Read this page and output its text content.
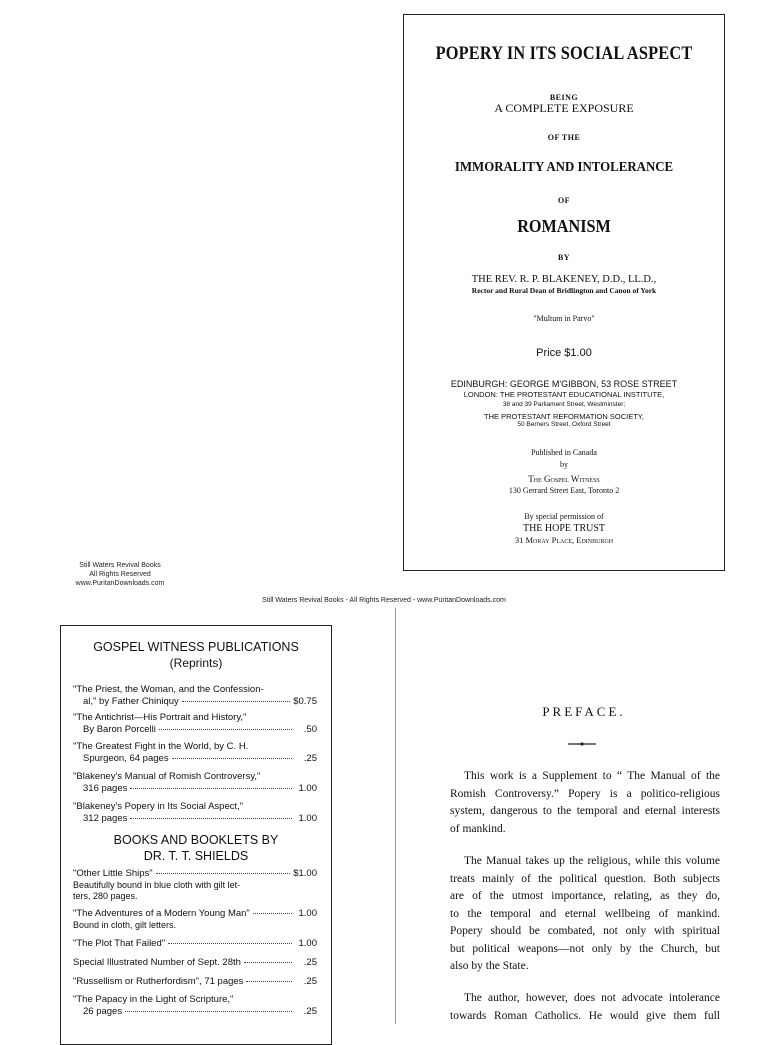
POPERY IN ITS SOCIAL ASPECT
BEING
A COMPLETE EXPOSURE
OF THE
IMMORALITY AND INTOLERANCE
OF
ROMANISM
BY
THE REV. R. P. BLAKENEY, D.D., LL.D.,
Rector and Rural Dean of Bridlington and Canon of York
"Multum in Parvo"
Price $1.00
EDINBURGH: GEORGE M'GIBBON, 53 ROSE STREET
LONDON: THE PROTESTANT EDUCATIONAL INSTITUTE,
38 and 39 Parliament Street, Westminster;
THE PROTESTANT REFORMATION SOCIETY,
50 Berners Street, Oxford Street
Published in Canada
by
The Gospel Witness
130 Gerrard Street East, Toronto 2
By special permission of
THE HOPE TRUST
31 Moray Place, Edinburgh
Still Waters Revival Books
All Rights Reserved
www.PuritanDownloads.com
Still Waters Revival Books - All Rights Reserved - www.PuritanDownloads.com
GOSPEL WITNESS PUBLICATIONS
(Reprints)
"The Priest, the Woman, and the Confession-
al," by Father Chiniquy	$0.75
"The Antichrist—His Portrait and History,"
By Baron Porcelli	.50
"The Greatest Fight in the World, by C. H.
Spurgeon, 64 pages	.25
"Blakeney's Manual of Romish Controversy,"
316 pages	1.00
"Blakeney's Popery in Its Social Aspect,"
312 pages	1.00
BOOKS AND BOOKLETS BY
DR. T. T. SHIELDS
"Other Little Ships"	$1.00
Beautifully bound in blue cloth with gilt let-
ters, 280 pages.
"The Adventures of a Modern Young Man"	1.00
Bound in cloth, gilt letters.
"The Plot That Failed"	1.00
Special Illustrated Number of Sept. 28th	.25
"Russellism or Rutherfordism", 71 pages	.25
"The Papacy in the Light of Scripture,"
26 pages	.25
PREFACE.
This work is a Supplement to “ The Manual of the
Romish Controversy.” Popery is a politico-religious
system, dangerous to the temporal and eternal interests
of mankind.
The Manual takes up the religious, while this volume
treats mainly of the political question. Both subjects
are of the utmost importance, relating, as they do,
to the temporal and eternal wellbeing of mankind.
Popery should be combated, not only with spiritual
but political weapons—not only by the Church, but
also by the State.
The author, however, does not advocate intolerance
towards Roman Catholics. He would give them full
